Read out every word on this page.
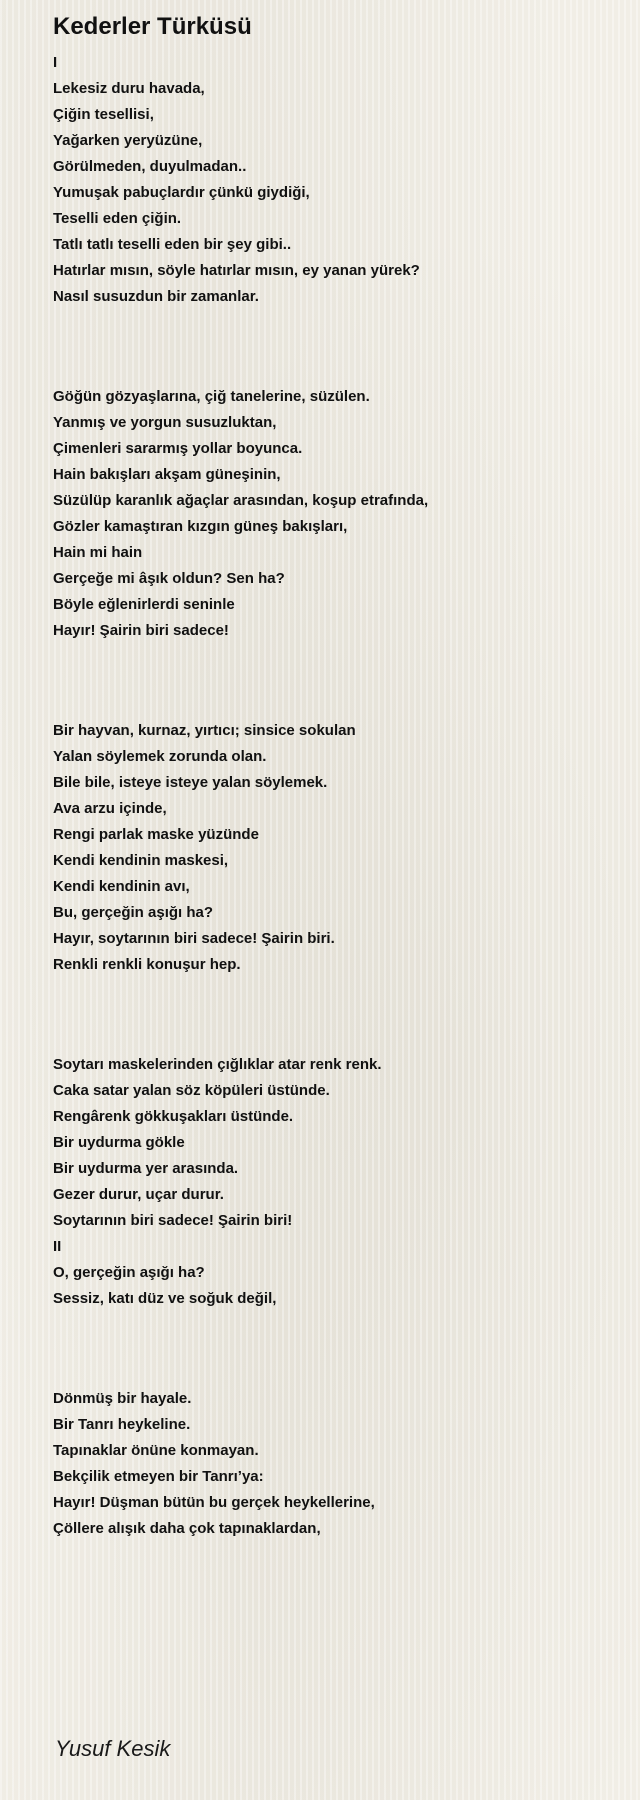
Kederler Türküsü
I
Lekesiz duru havada,
Çiğin tesellisi,
Yağarken yeryüzüne,
Görülmeden, duyulmadan..
Yumuşak pabuçlardır çünkü giydiği,
Teselli eden çiğin.
Tatlı tatlı teselli eden bir şey gibi..
Hatırlar mısın, söyle hatırlar mısın, ey yanan yürek?
Nasıl susuzdun bir zamanlar.
Göğün gözyaşlarına, çiğ tanelerine, süzülen.
Yanmış ve yorgun susuzluktan,
Çimenleri sararmış yollar boyunca.
Hain bakışları akşam güneşinin,
Süzülüp karanlık ağaçlar arasından, koşup etrafında,
Gözler kamaştıran kızgın güneş bakışları,
Hain mi hain
Gerçeğe mi âşık oldun? Sen ha?
Böyle eğlenirlerdi seninle
Hayır! Şairin biri sadece!
Bir hayvan, kurnaz, yırtıcı; sinsice sokulan
Yalan söylemek zorunda olan.
Bile bile, isteye isteye yalan söylemek.
Ava arzu içinde,
Rengi parlak maske yüzünde
Kendi kendinin maskesi,
Kendi kendinin avı,
Bu, gerçeğin aşığı ha?
Hayır, soytarının biri sadece! Şairin biri.
Renkli renkli konuşur hep.
Soytarı maskelerinden çığlıklar atar renk renk.
Caka satar yalan söz köpüleri üstünde.
Rengârenk gökkuşakları üstünde.
Bir uydurma gökle
Bir uydurma yer arasında.
Gezer durur, uçar durur.
Soytarının biri sadece! Şairin biri!
II
O, gerçeğin aşığı ha?
Sessiz, katı düz ve soğuk değil,
Dönmüş bir hayale.
Bir Tanrı heykeline.
Tapınaklar önüne konmayan.
Bekçilik etmeyen bir Tanrı’ya:
Hayır! Düşman bütün bu gerçek heykellerine,
Çöllere alışık daha çok tapınaklardan,

Yusuf Kesik
